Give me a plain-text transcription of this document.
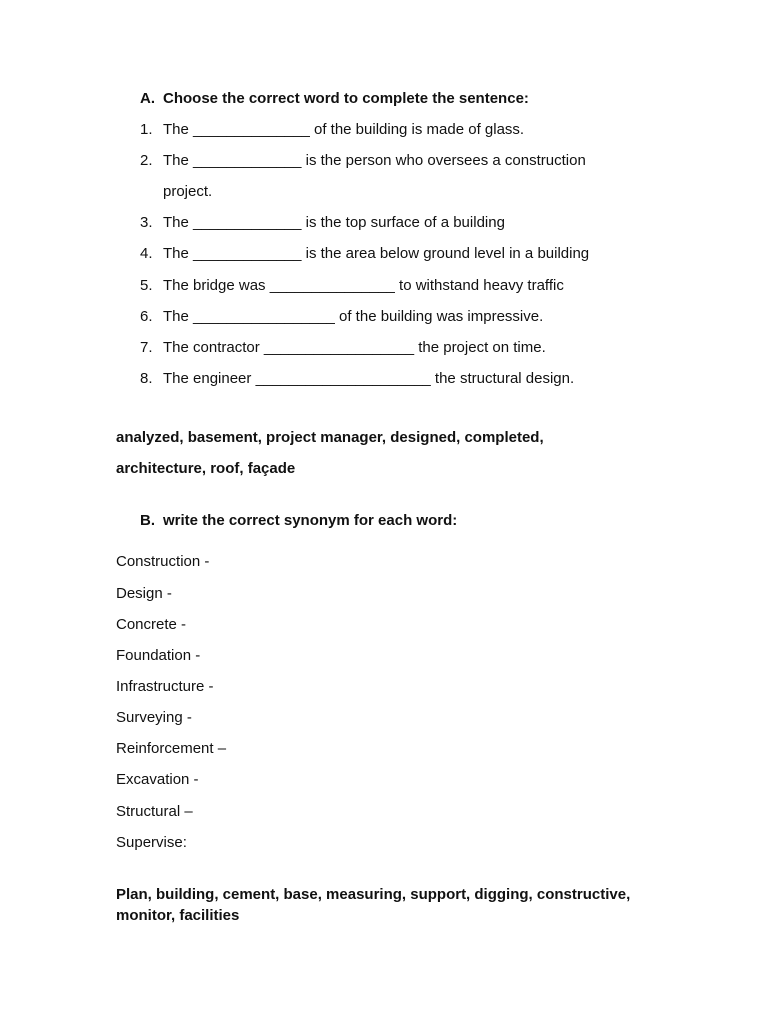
A. Choose the correct word to complete the sentence:
1. The ______________ of the building is made of glass.
2. The _____________ is the person who oversees a construction
project.
3. The _____________ is the top surface of a building
4. The _____________ is the area below ground level in a building
5. The bridge was _______________ to withstand heavy traffic
6. The _________________ of the building was impressive.
7. The contractor __________________ the project on time.
8. The engineer _____________________ the structural design.
analyzed, basement, project manager, designed, completed,
architecture, roof, façade
B. write the correct synonym for each word:
Construction -
Design -
Concrete -
Foundation -
Infrastructure -
Surveying -
Reinforcement –
Excavation -
Structural –
Supervise:
Plan, building, cement, base, measuring, support, digging, constructive,
monitor, facilities
